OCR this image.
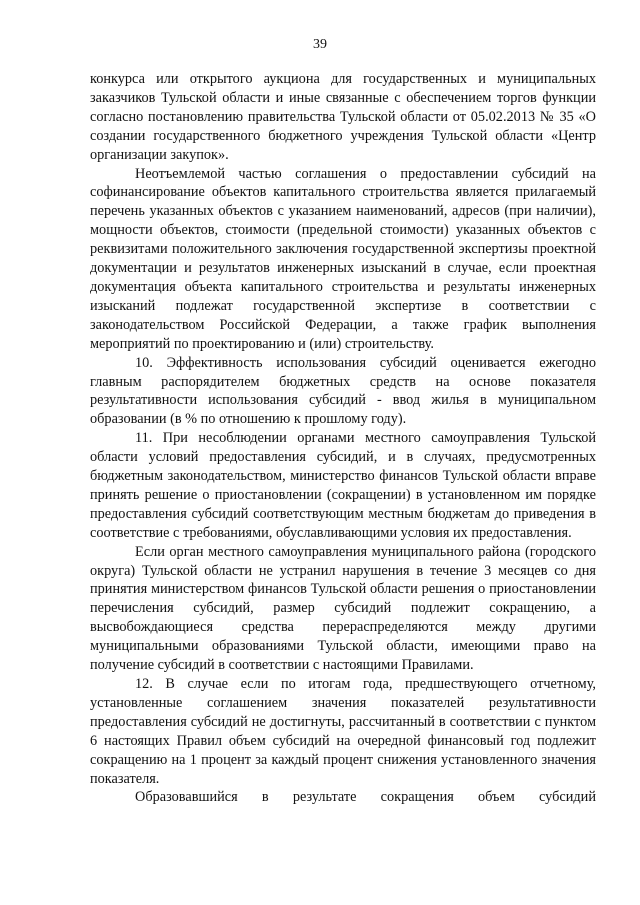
39

конкурса или открытого аукциона для государственных и муниципальных заказчиков Тульской области и иные связанные с обеспечением торгов функции согласно постановлению правительства Тульской области от 05.02.2013 № 35 «О создании государственного бюджетного учреждения Тульской области «Центр организации закупок».

Неотъемлемой частью соглашения о предоставлении субсидий на софинансирование объектов капитального строительства является прилагаемый перечень указанных объектов с указанием наименований, адресов (при наличии), мощности объектов, стоимости (предельной стоимости) указанных объектов с реквизитами положительного заключения государственной экспертизы проектной документации и результатов инженерных изысканий в случае, если проектная документация объекта капитального строительства и результаты инженерных изысканий подлежат государственной экспертизе в соответствии с законодательством Российской Федерации, а также график выполнения мероприятий по проектированию и (или) строительству.

10. Эффективность использования субсидий оценивается ежегодно главным распорядителем бюджетных средств на основе показателя результативности использования субсидий - ввод жилья в муниципальном образовании (в % по отношению к прошлому году).

11. При несоблюдении органами местного самоуправления Тульской области условий предоставления субсидий, и в случаях, предусмотренных бюджетным законодательством, министерство финансов Тульской области вправе принять решение о приостановлении (сокращении) в установленном им порядке предоставления субсидий соответствующим местным бюджетам до приведения в соответствие с требованиями, обуславливающими условия их предоставления.

Если орган местного самоуправления муниципального района (городского округа) Тульской области не устранил нарушения в течение 3 месяцев со дня принятия министерством финансов Тульской области решения о приостановлении перечисления субсидий, размер субсидий подлежит сокращению, а высвобождающиеся средства перераспределяются между другими муниципальными образованиями Тульской области, имеющими право на получение субсидий в соответствии с настоящими Правилами.

12. В случае если по итогам года, предшествующего отчетному, установленные соглашением значения показателей результативности предоставления субсидий не достигнуты, рассчитанный в соответствии с пунктом 6 настоящих Правил объем субсидий на очередной финансовый год подлежит сокращению на 1 процент за каждый процент снижения установленного значения показателя.

Образовавшийся в результате сокращения объем субсидий
